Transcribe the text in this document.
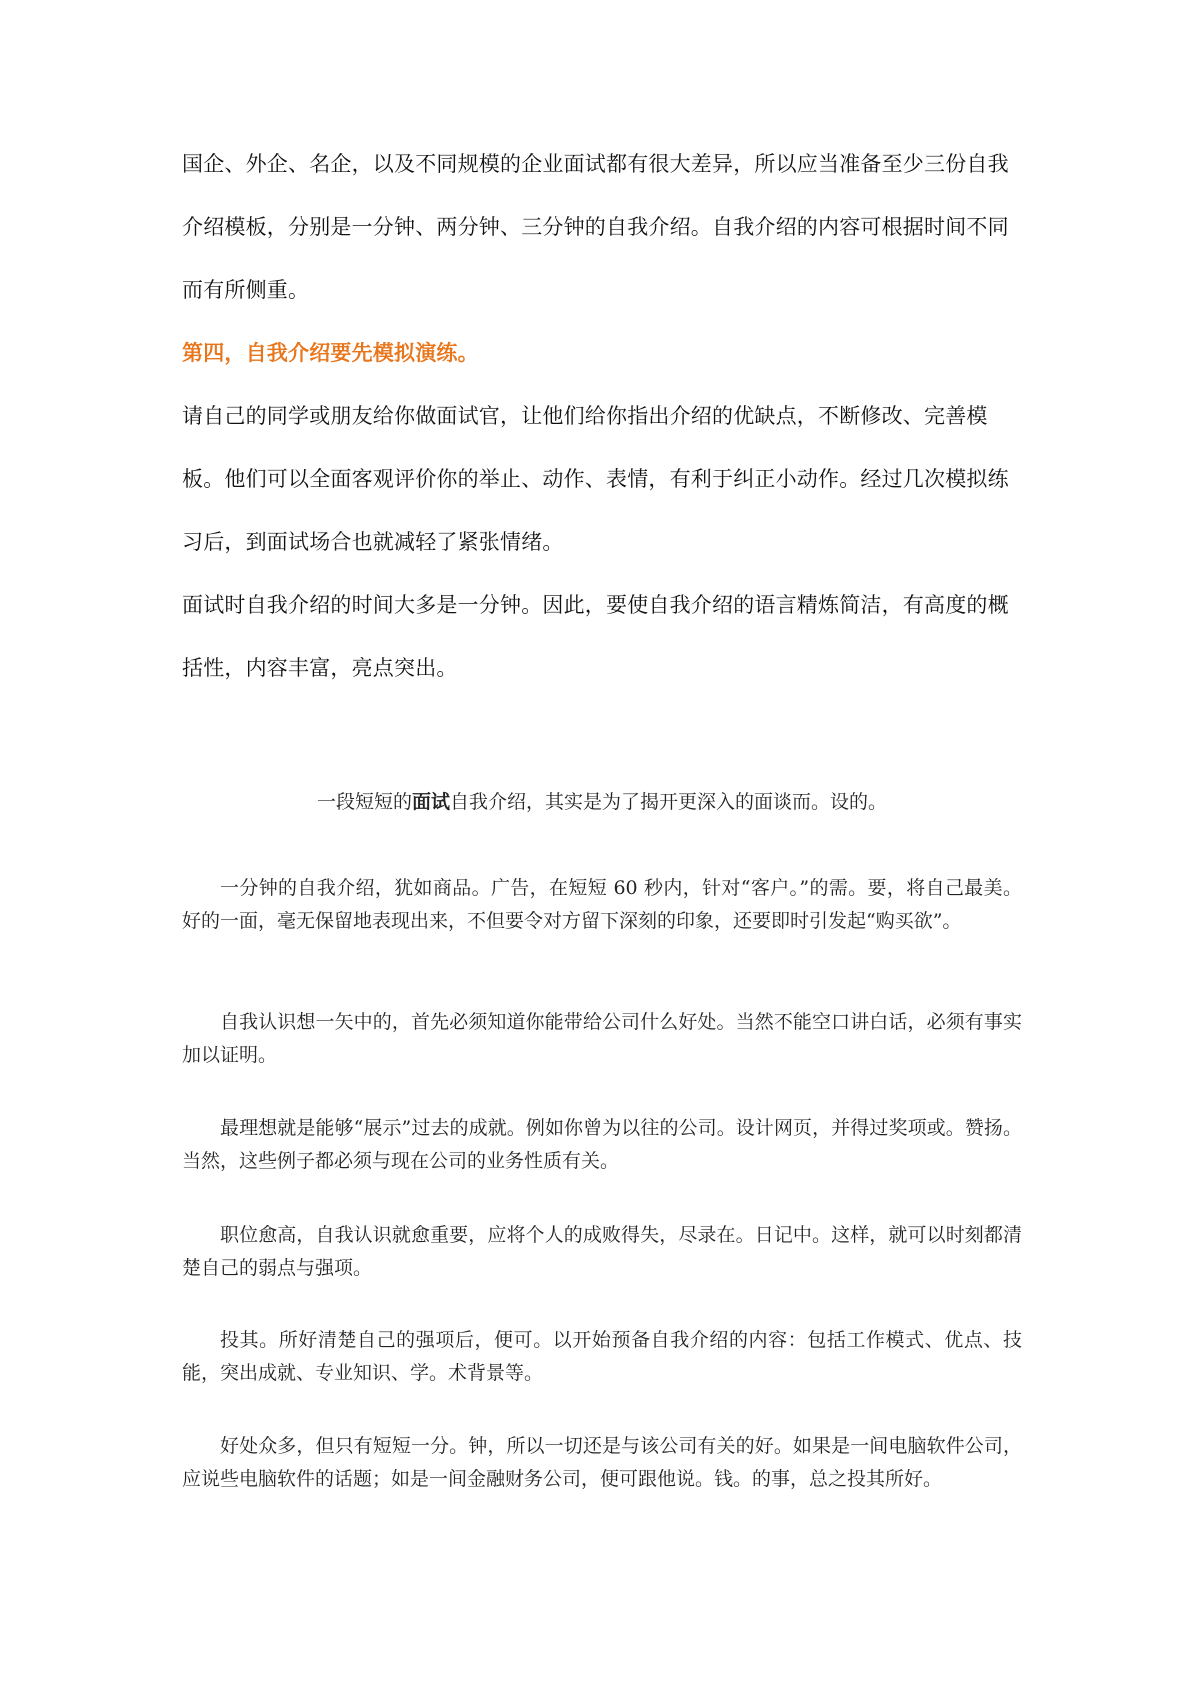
国企、外企、名企，以及不同规模的企业面试都有很大差异，所以应当准备至少三份自我介绍模板，分别是一分钟、两分钟、三分钟的自我介绍。自我介绍的内容可根据时间不同而有所侧重。

第四，自我介绍要先模拟演练。

请自己的同学或朋友给你做面试官，让他们给你指出介绍的优缺点，不断修改、完善模板。他们可以全面客观评价你的举止、动作、表情，有利于纠正小动作。经过几次模拟练习后，到面试场合也就减轻了紧张情绪。

面试时自我介绍的时间大多是一分钟。因此，要使自我介绍的语言精炼简洁，有高度的概括性，内容丰富，亮点突出。

一段短短的面试自我介绍，其实是为了揭开更深入的面谈而。设的。

一分钟的自我介绍，犹如商品。广告，在短短 60 秒内，针对“客户。”的需。要，将自己最美。好的一面，毫无保留地表现出来，不但要令对方留下深刻的印象，还要即时引发起“购买欲”。

自我认识想一矢中的，首先必须知道你能带给公司什么好处。当然不能空口讲白话，必须有事实加以证明。

最理想就是能够“展示”过去的成就。例如你曾为以往的公司。设计网页，并得过奖项或。赞扬。当然，这些例子都必须与现在公司的业务性质有关。

职位愈高，自我认识就愈重要，应将个人的成败得失，尽录在。日记中。这样，就可以时刻都清楚自己的弱点与强项。

投其。所好清楚自己的强项后，便可。以开始预备自我介绍的内容：包括工作模式、优点、技能，突出成就、专业知识、学。术背景等。

好处众多，但只有短短一分。钟，所以一切还是与该公司有关的好。如果是一间电脑软件公司，应说些电脑软件的话题；如是一间金融财务公司，便可跟他说。钱。的事，总之投其所好。
